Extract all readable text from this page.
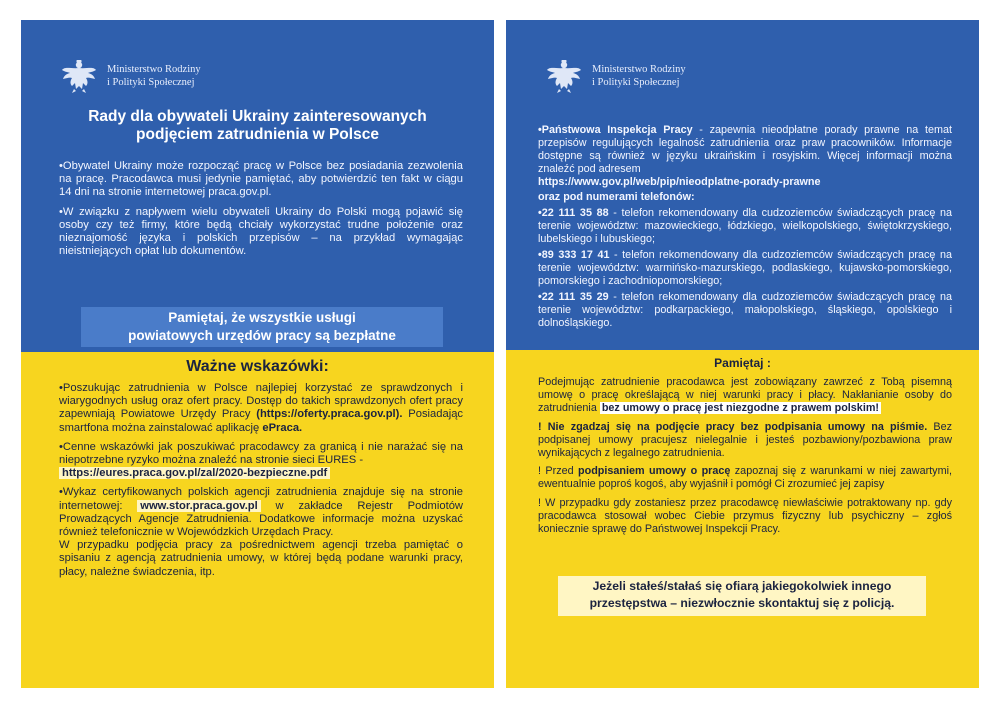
Ministerstwo Rodziny
i Polityki Społecznej
Rady dla obywateli Ukrainy zainteresowanych
podjęciem zatrudnienia w Polsce

•Obywatel Ukrainy może rozpocząć pracę w Polsce bez posiadania zezwolenia na pracę. Pracodawca musi jedynie pamiętać, aby potwierdzić ten fakt w ciągu 14 dni na stronie internetowej praca.gov.pl.

•W związku z napływem wielu obywateli Ukrainy do Polski mogą pojawić się osoby czy też firmy, które będą chciały wykorzystać trudne położenie oraz nieznajomość języka i polskich przepisów – na przykład wymagając nieistniejących opłat lub dokumentów.

Pamiętaj, że wszystkie usługi
powiatowych urzędów pracy są bezpłatne
Ważne wskazówki:

•Poszukując zatrudnienia w Polsce najlepiej korzystać ze sprawdzonych i wiarygodnych usług oraz ofert pracy. Dostęp do takich sprawdzonych ofert pracy zapewniają Powiatowe Urzędy Pracy (https://oferty.praca.gov.pl). Posiadając smartfona można zainstalować aplikację ePraca.

•Cenne wskazówki jak poszukiwać pracodawcy za granicą i nie narażać się na niepotrzebne ryzyko można znaleźć na stronie sieci EURES -
https://eures.praca.gov.pl/zal/2020-bezpieczne.pdf

•Wykaz certyfikowanych polskich agencji zatrudnienia znajduje się na stronie internetowej: www.stor.praca.gov.pl w zakładce Rejestr Podmiotów Prowadzących Agencje Zatrudnienia. Dodatkowe informacje można uzyskać również telefonicznie w Wojewódzkich Urzędach Pracy.

W przypadku podjęcia pracy za pośrednictwem agencji trzeba pamiętać o spisaniu z agencją zatrudnienia umowy, w której będą podane warunki pracy, płacy, należne świadczenia, itp.

Ministerstwo Rodziny
i Polityki Społecznej

•Państwowa Inspekcja Pracy - zapewnia nieodpłatne porady prawne na temat przepisów regulujących legalność zatrudnienia oraz praw pracowników. Informacje dostępne są również w języku ukraińskim i rosyjskim. Więcej informacji można znaleźć pod adresem
https://www.gov.pl/web/pip/nieodplatne-porady-prawne

oraz pod numerami telefonów:

•22 111 35 88 - telefon rekomendowany dla cudzoziemców świadczących pracę na terenie województw: mazowieckiego, łódzkiego, wielkopolskiego, świętokrzyskiego, lubelskiego i lubuskiego;

•89 333 17 41 - telefon rekomendowany dla cudzoziemców świadczących pracę na terenie województw: warmińsko-mazurskiego, podlaskiego, kujawsko-pomorskiego, pomorskiego i zachodniopomorskiego;

•22 111 35 29 - telefon rekomendowany dla cudzoziemców świadczących pracę na terenie województw: podkarpackiego, małopolskiego, śląskiego, opolskiego i dolnośląskiego.

Pamiętaj :

Podejmując zatrudnienie pracodawca jest zobowiązany zawrzeć z Tobą pisemną umowę o pracę określającą w niej warunki pracy i płacy. Nakłanianie osoby do zatrudnienia bez umowy o pracę jest niezgodne z prawem polskim!

! Nie zgadzaj się na podjęcie pracy bez podpisania umowy na piśmie. Bez podpisanej umowy pracujesz nielegalnie i jesteś pozbawiony/pozbawiona praw wynikających z legalnego zatrudnienia.

! Przed podpisaniem umowy o pracę zapoznaj się z warunkami w niej zawartymi, ewentualnie poproś kogoś, aby wyjaśnił i pomógł Ci zrozumieć jej zapisy

! W przypadku gdy zostaniesz przez pracodawcę niewłaściwie potraktowany np. gdy pracodawca stosował wobec Ciebie przymus fizyczny lub psychiczny – zgłoś koniecznie sprawę do Państwowej Inspekcji Pracy.

Jeżeli stałeś/stałaś się ofiarą jakiegokolwiek innego
przestępstwa – niezwłocznie skontaktuj się z policją.
